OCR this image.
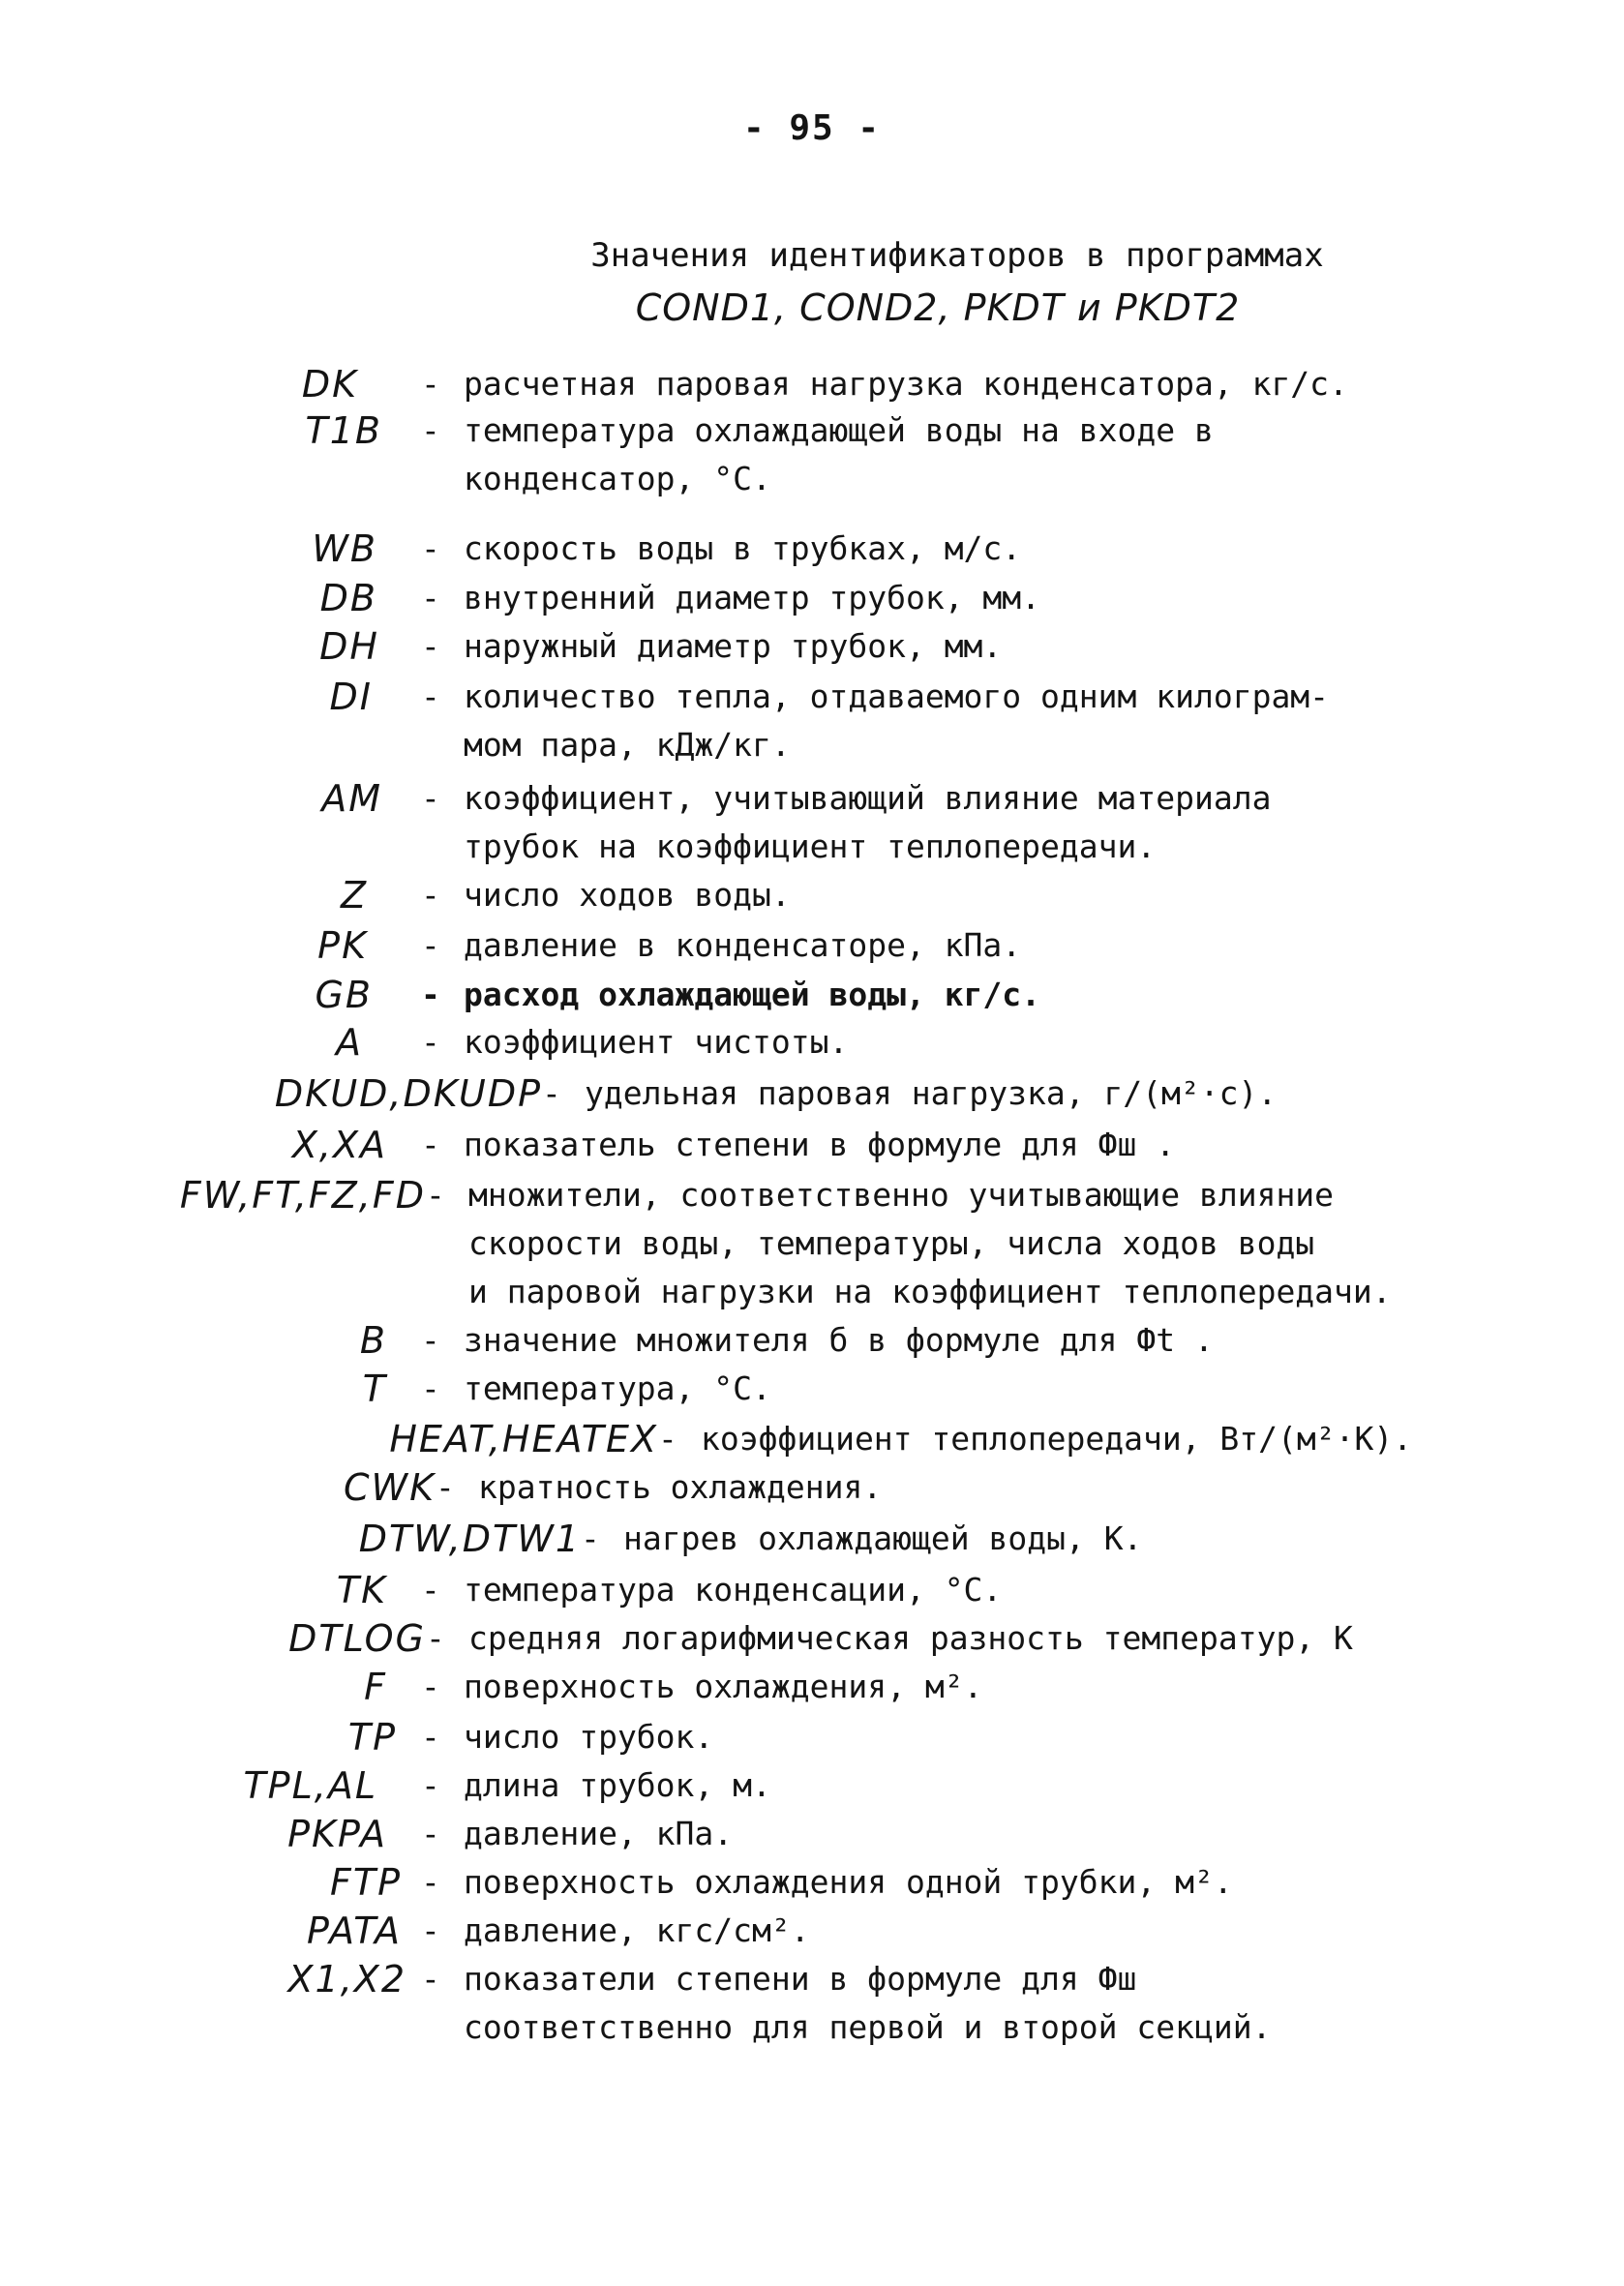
- 95 -
Значения идентификаторов в программах
COND1, COND2, PKDT и PKDT2
DK - расчетная паровая нагрузка конденсатора, кг/с.
T1B - температура охлаждающей воды на входе в
конденсатор, °С.
WB - скорость воды в трубках, м/с.
DB - внутренний диаметр трубок, мм.
DH - наружный диаметр трубок, мм.
DI - количество тепла, отдаваемого одним килограм-
мом пара, кДж/кг.
AM - коэффициент, учитывающий влияние материала
трубок на коэффициент теплопередачи.
Z - число ходов воды.
PK - давление в конденсаторе, кПа.
GB - расход охлаждающей воды, кг/с.
A - коэффициент чистоты.
DKUD,DKUDP - удельная паровая нагрузка, г/(м²·с).
X,XA - показатель степени в формуле для Фш .
FW,FT,FZ,FD - множители, соответственно учитывающие влияние
скорости воды, температуры, числа ходов воды
и паровой нагрузки на коэффициент теплопередачи.
B - значение множителя б в формуле для Фt .
T - температура, °С.
HEAT,HEATEX - коэффициент теплопередачи, Вт/(м²·К).
CWK - кратность охлаждения.
DTW,DTW1 - нагрев охлаждающей воды, К.
TK - температура конденсации, °С.
DTLOG - средняя логарифмическая разность температур, К
F - поверхность охлаждения, м².
TP - число трубок.
TPL,AL - длина трубок, м.
PKPA - давление, кПа.
FTP - поверхность охлаждения одной трубки, м².
PATA - давление, кгс/см².
X1,X2 - показатели степени в формуле для Фш
соответственно для первой и второй секций.
